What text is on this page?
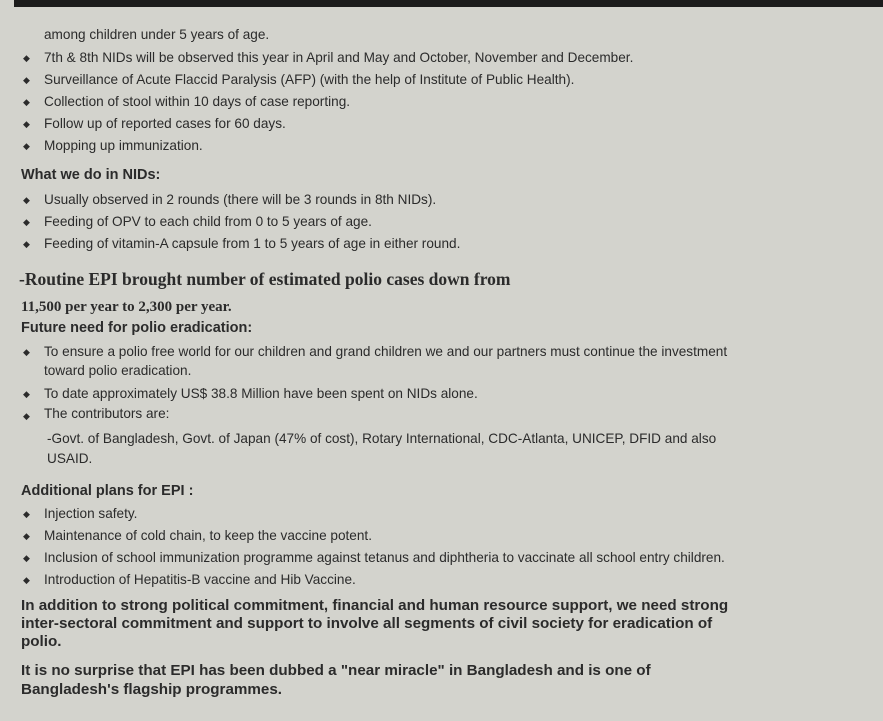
among children under 5 years of age.
◆ 7th & 8th NIDs will be observed this year in April and May and October, November and December.
◆ Surveillance of Acute Flaccid Paralysis (AFP) (with the help of Institute of Public Health).
◆ Collection of stool within 10 days of case reporting.
◆ Follow up of reported cases for 60 days.
◆ Mopping up immunization.
What we do in NIDs:
◆ Usually observed in 2 rounds (there will be 3 rounds in 8th NIDs).
◆ Feeding of OPV to each child from 0 to 5 years of age.
◆ Feeding of vitamin-A capsule from 1 to 5 years of age in either round.
-Routine EPI brought number of estimated polio cases down from
11,500 per year to 2,300 per year.
Future need for polio eradication:
◆ To ensure a polio free world for our children and grand children we and our partners must continue the investment
toward polio eradication.
◆ To date approximately US$ 38.8 Million have been spent on NIDs alone.
◆ The contributors are:
-Govt. of Bangladesh, Govt. of Japan (47% of cost), Rotary International, CDC-Atlanta, UNICEP, DFID and also
USAID.
Additional plans for EPI :
◆ Injection safety.
◆ Maintenance of cold chain, to keep the vaccine potent.
◆ Inclusion of school immunization programme against tetanus and diphtheria to vaccinate all school entry children.
◆ Introduction of Hepatitis-B vaccine and Hib Vaccine.
In addition to strong political commitment, financial and human resource support, we need strong
inter-sectoral commitment and support to involve all segments of civil society for eradication of
polio.
It is no surprise that EPI has been dubbed a "near miracle" in Bangladesh and is one of
Bangladesh's flagship programmes.
